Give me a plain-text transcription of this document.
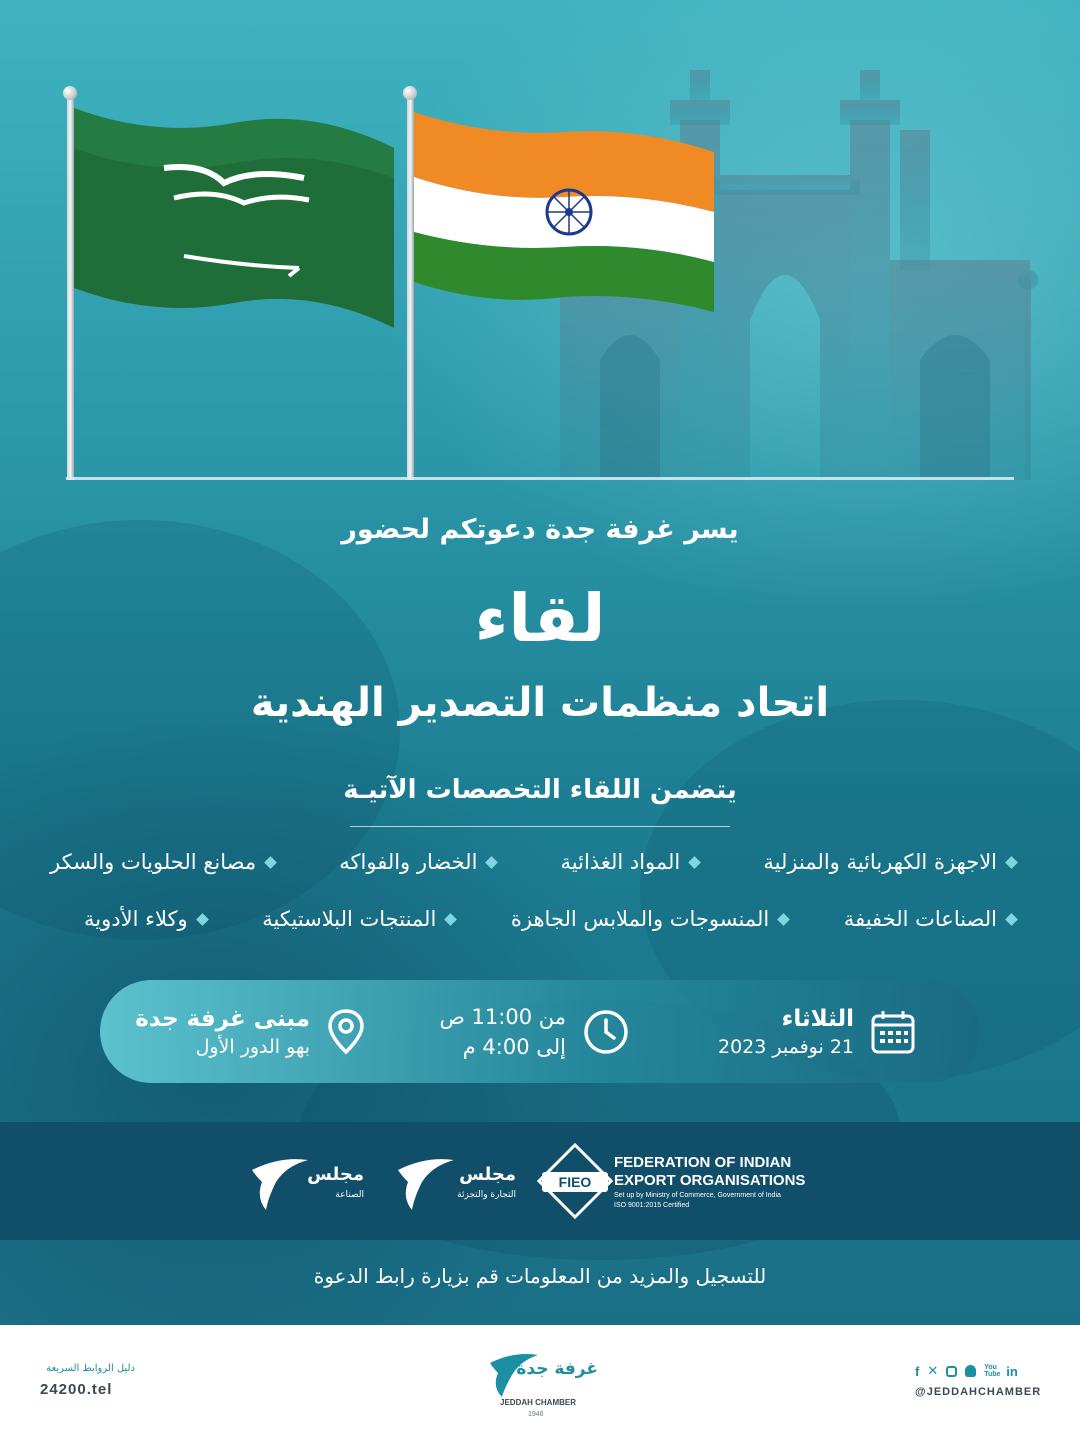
يسر غرفة جدة دعوتكم لحضور
لقاء
اتحاد منظمات التصدير الهندية
يتضمن اللقاء التخصصات الآتيـة
الاجهزة الكهربائية والمنزلية
المواد الغذائية
الخضار والفواكه
مصانع الحلويات والسكر
الصناعات الخفيفة
المنسوجات والملابس الجاهزة
المنتجات البلاستيكية
وكلاء الأدوية
الثلاثاء
21 نوفمبر 2023
من 11:00 ص
إلى 4:00 م
مبنى غرفة جدة
بهو الدور الأول
FIEO
FEDERATION OF INDIAN
EXPORT ORGANISATIONS
Set up by Ministry of Commerce, Government of India
ISO 9001:2015 Certified
مجلس
التجارة والتجزئة
مجلس
الصناعة
للتسجيل والمزيد من المعلومات قم بزيارة رابط الدعوة
f ✕	You Tube in
@JEDDAHCHAMBER
غرفة جدة
JEDDAH CHAMBER
1946
دليل الروابط السريعة
24200.tel
